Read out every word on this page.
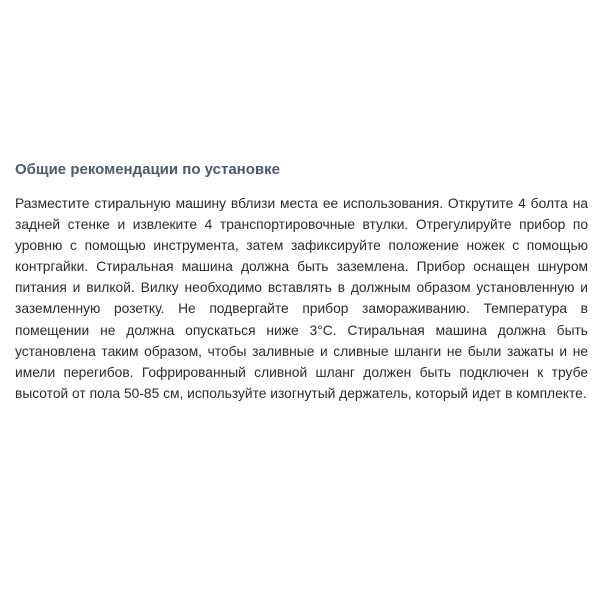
Общие рекомендации по установке

Разместите стиральную машину вблизи места ее использования. Открутите 4 болта на задней стенке и извлеките 4 транспортировочные втулки. Отрегулируйте прибор по уровню с помощью инструмента, затем зафиксируйте положение ножек с помощью контргайки. Стиральная машина должна быть заземлена. Прибор оснащен шнуром питания и вилкой. Вилку необходимо вставлять в должным образом установленную и заземленную розетку. Не подвергайте прибор замораживанию. Температура в помещении не должна опускаться ниже 3°С. Стиральная машина должна быть установлена таким образом, чтобы заливные и сливные шланги не были зажаты и не имели перегибов. Гофрированный сливной шланг должен быть подключен к трубе высотой от пола 50-85 см, используйте изогнутый держатель, который идет в комплекте.
